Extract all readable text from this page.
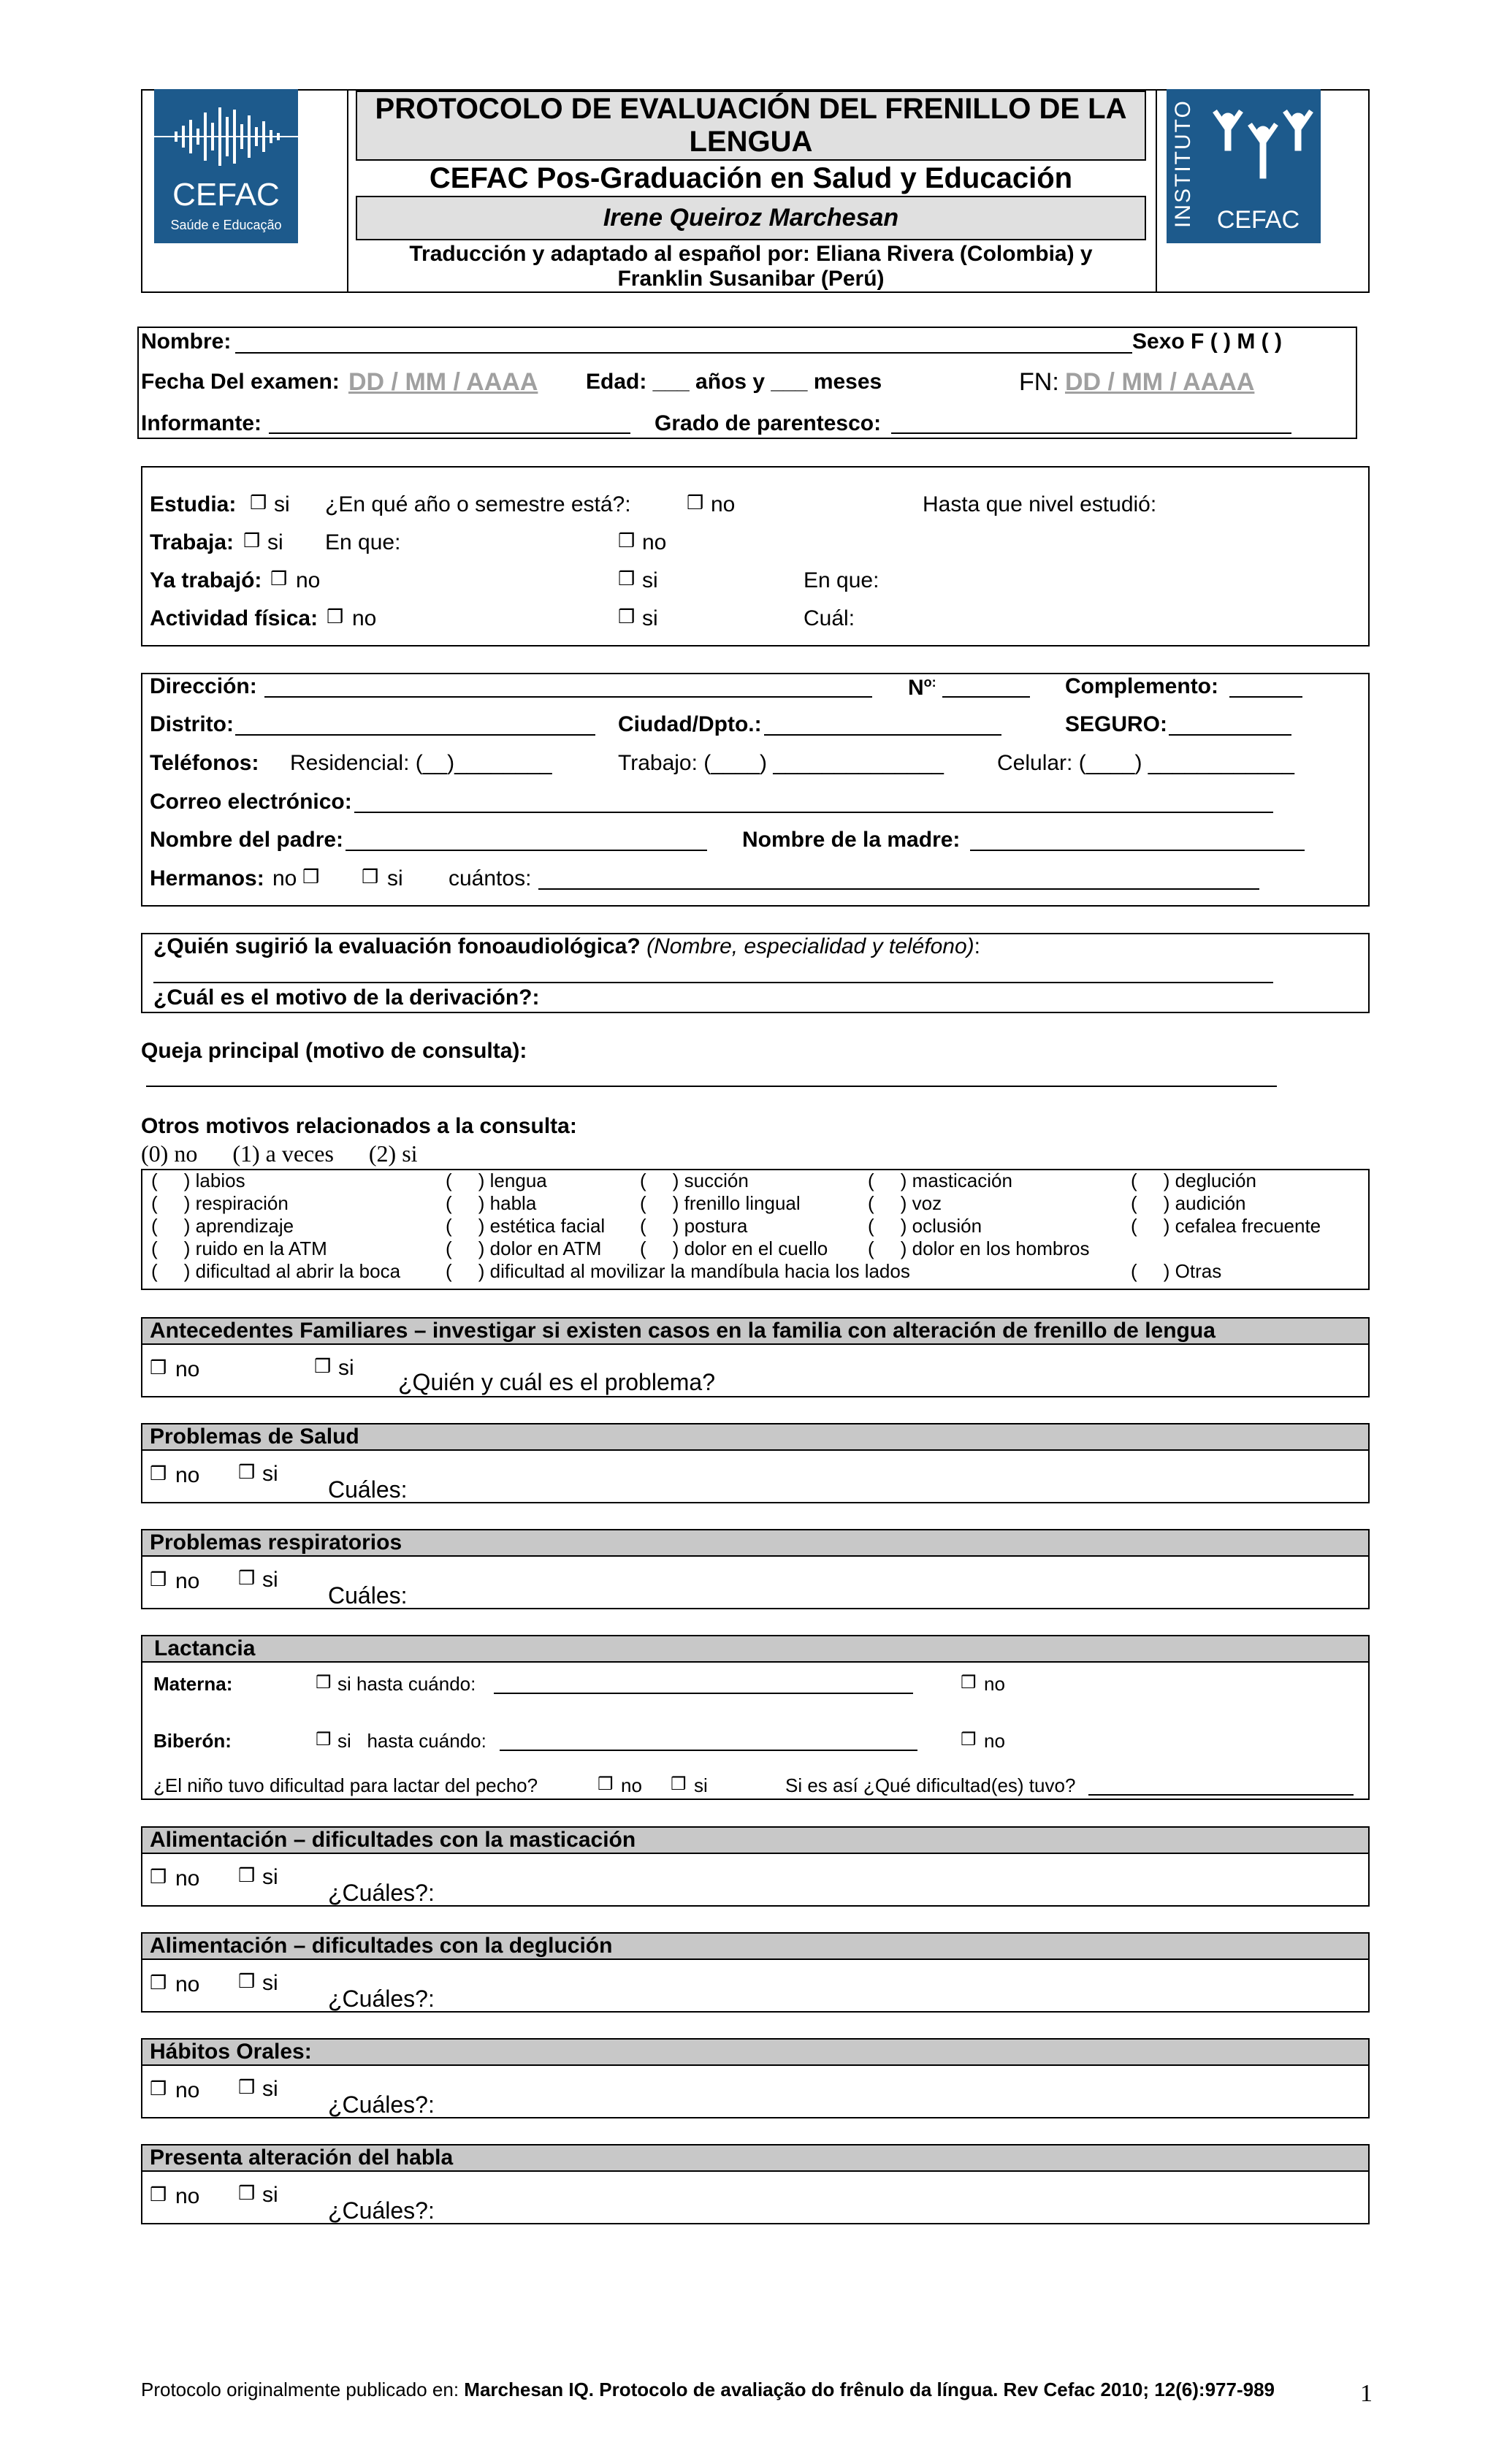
CEFAC
Saúde e Educação	INSTITUTO CEFAC
PROTOCOLO DE EVALUACIÓN DEL FRENILLO DE LA LENGUA
CEFAC Pos-Graduación en Salud y Educación
Irene Queiroz Marchesan
Traducción y adaptado al español por: Eliana Rivera (Colombia) y
Franklin Susanibar (Perú)
Nombre:	Sexo F ( ) M ( )
Fecha Del examen: DD / MM / AAAA Edad: ___ años y ___ meses	FN: DD / MM / AAAA
Informante:	Grado de parentesco:
Estudia: ❒ si ¿En qué año o semestre está?:	❒ no	Hasta que nivel estudió:
Trabaja: ❒ si En que:	❒ no
Ya trabajó: ❒ no	❒ si	En que:
Actividad física: ❒ no	❒ si	Cuál:
Dirección:	$N^{o:}$	Complemento:
Distrito:	Ciudad/Dpto.:	SEGURO:
Teléfonos: Residencial: (__)________	Trabajo: (____) ______________ Celular: (____) ____________
Correo electrónico:
Nombre del padre:	Nombre de la madre:
Hermanos: no ❒ ❒ si cuántos:
¿Quién sugirió la evaluación fonoaudiológica? (Nombre, especialidad y teléfono):
¿Cuál es el motivo de la derivación?:
Queja principal (motivo de consulta):
Otros motivos relacionados a la consulta:
(0) no      (1) a veces      (2) si
(     ) labios	(     ) lengua	(     ) succión	(     ) masticación	(     ) deglución
(     ) respiración	(     ) habla	(     ) frenillo lingual	(     ) voz	(     ) audición
(     ) aprendizaje	(     ) estética facial (     ) postura	(     ) oclusión	(     ) cefalea frecuente
(     ) ruido en la ATM	(     ) dolor en ATM (     ) dolor en el cuello (     ) dolor en los hombros
(     ) dificultad al abrir la boca (     ) dificultad al movilizar la mandíbula hacia los lados	(     ) Otras
Antecedentes Familiares – investigar si existen casos en la familia con alteración de frenillo de lengua
❒ no	❒ si
¿Quién y cuál es el problema?
Problemas de Salud
❒ no ❒ si
Cuáles:
Problemas respiratorios
❒ no ❒ si
Cuáles:
Lactancia
Materna:	❒ si hasta cuándo:	❒ no
Biberón:	❒ si   hasta cuándo:	❒ no
¿El niño tuvo dificultad para lactar del pecho?	❒ no ❒ si	Si es así ¿Qué dificultad(es) tuvo?
Alimentación – dificultades con la masticación
❒ no ❒ si
¿Cuáles?:
Alimentación – dificultades con la deglución
❒ no ❒ si
¿Cuáles?:
Hábitos Orales:
❒ no ❒ si
¿Cuáles?:
Presenta alteración del habla
❒ no ❒ si
¿Cuáles?:
Protocolo originalmente publicado en: Marchesan IQ. Protocolo de avaliação do frênulo da língua. Rev Cefac 2010; 12(6):977-989	1
